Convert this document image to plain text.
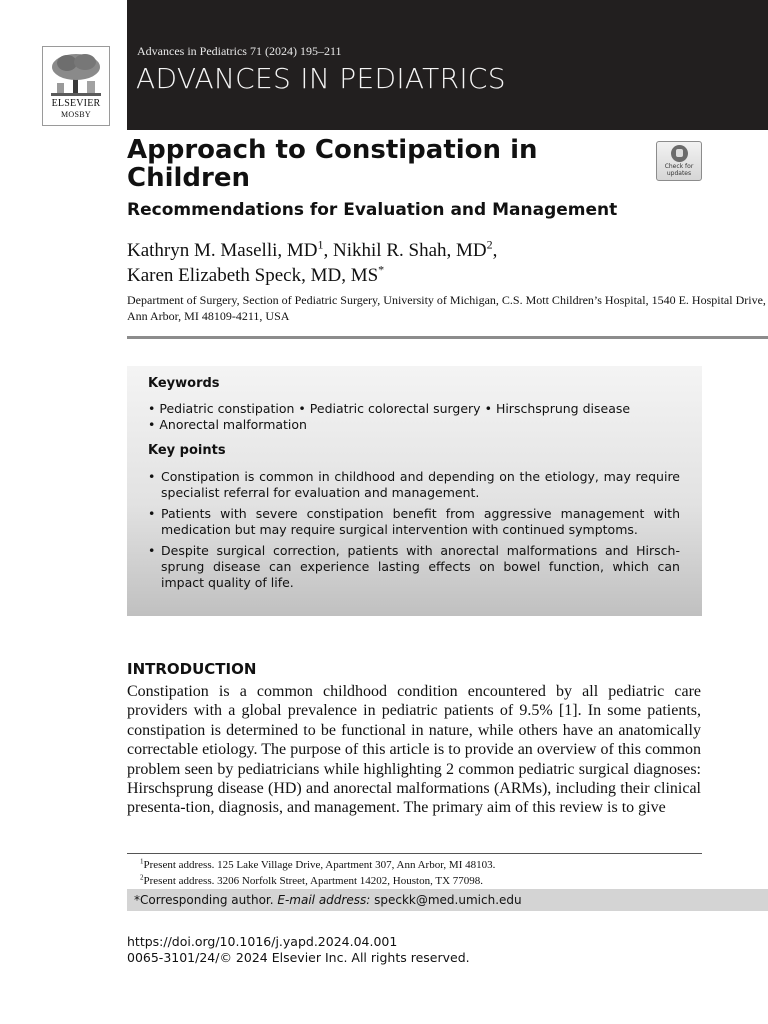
ELSEVIER
MOSBY
Advances in Pediatrics 71 (2024) 195–211
ADVANCES IN PEDIATRICS
Approach to Constipation in
Children	Check for
updates
Recommendations for Evaluation and Management

Kathryn M. Maselli, $MD^1$, Nikhil R. Shah, $MD^2$,
Karen Elizabeth Speck, MD, MS*

Department of Surgery, Section of Pediatric Surgery, University of Michigan, C.S. Mott Children’s Hospital, 1540 E. Hospital Drive, Ann Arbor, MI 48109-4211, USA

Keywords

• Pediatric constipation • Pediatric colorectal surgery • Hirschsprung disease
• Anorectal malformation

Key points
• Constipation is common in childhood and depending on the etiology, may require specialist referral for evaluation and management.
• Patients with severe constipation benefit from aggressive management with medication but may require surgical intervention with continued symptoms.
• Despite surgical correction, patients with anorectal malformations and Hirsch-sprung disease can experience lasting effects on bowel function, which can impact quality of life.
INTRODUCTION

Constipation is a common childhood condition encountered by all pediatric care providers with a global prevalence in pediatric patients of 9.5% [1]. In some patients, constipation is determined to be functional in nature, while others have an anatomically correctable etiology. The purpose of this article is to provide an overview of this common problem seen by pediatricians while highlighting 2 common pediatric surgical diagnoses: Hirschsprung disease (HD) and anorectal malformations (ARMs), including their clinical presenta-tion, diagnosis, and management. The primary aim of this review is to give

$^1$Present address. 125 Lake Village Drive, Apartment 307, Ann Arbor, MI 48103.
$^2$Present address. 3206 Norfolk Street, Apartment 14202, Houston, TX 77098.
*Corresponding author. E-mail address: speckk@med.umich.edu
https://doi.org/10.1016/j.yapd.2024.04.001
0065-3101/24/© 2024 Elsevier Inc. All rights reserved.
